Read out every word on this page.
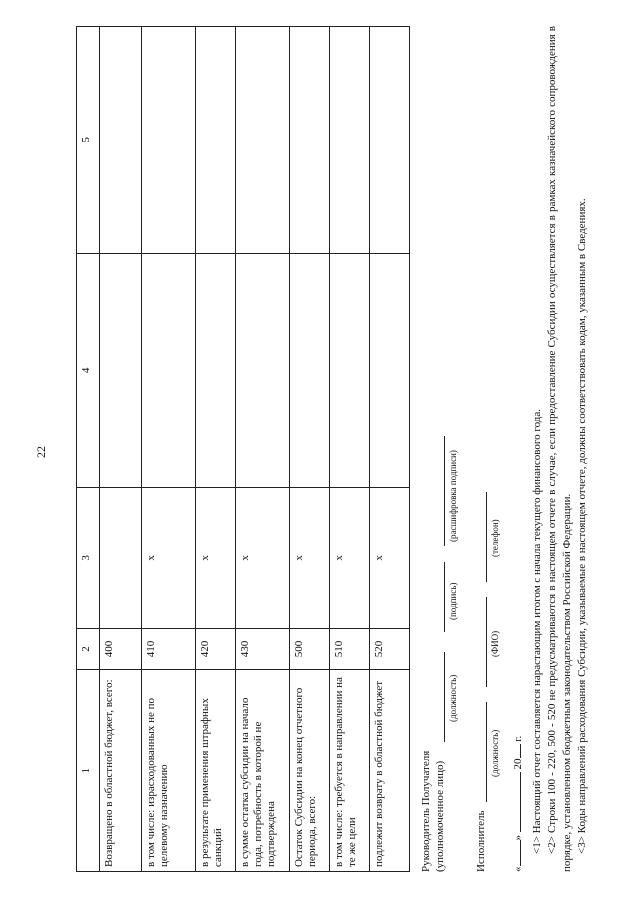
22
1	2	3	4	5
Возвращено в областной бюджет, всего:	400			
в том числе: израсходованных не по целевому назначению	410	x		
в результате применения штрафных санкций	420	x		
в сумме остатка субсидии на начало года, потребность в которой не подтверждена	430	x		
Остаток Субсидии на конец отчетного периода, всего:	500	x		
в том числе: требуется в направлении на те же цели	510	x		
подлежит возврату в областной бюджет	520	x		
Руководитель Получателя (уполномоченное лицо)
(должность)
(подпись)
(расшифровка подписи)
Исполнитель
(должность)
(ФИО)
(телефон)
«»  20 г. <1> Настоящий отчет составляется нарастающим итогом с начала текущего финансового года. <2> Строки 100 - 220, 500 - 520 не предусматриваются в настоящем отчете в случае, если предоставление Субсидии осуществляется в рамках казначейского сопровождения в порядке, установленном бюджетным законодательством Российской Федерации. <3> Коды направлений расходования Субсидии, указываемые в настоящем отчете, должны соответствовать кодам, указанным в Сведениях.
